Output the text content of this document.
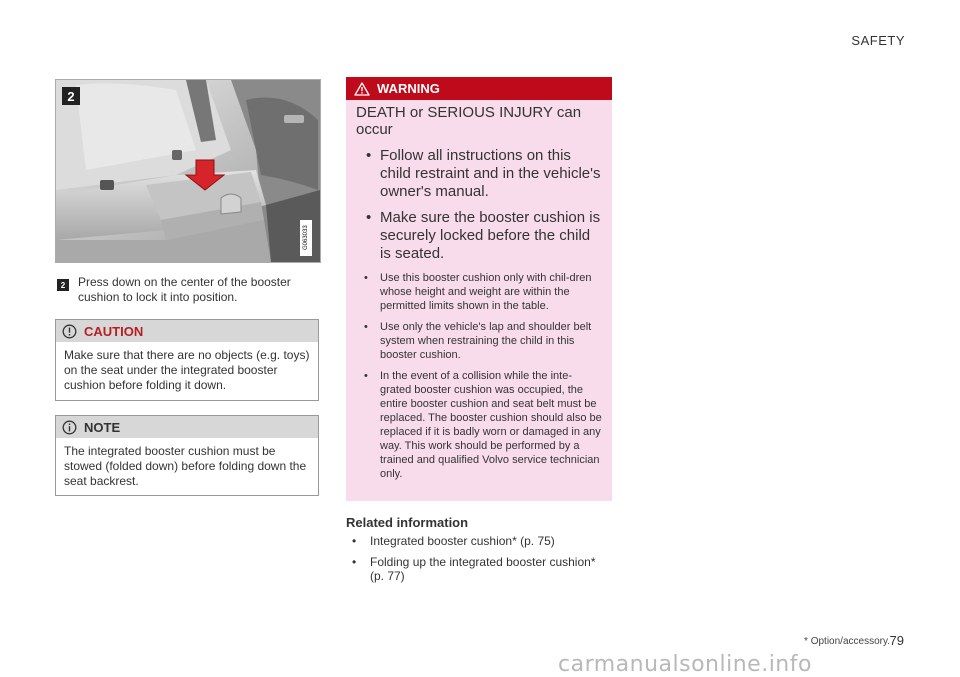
SAFETY
2
G063033
2	Press down on the center of the booster cushion to lock it into position.
CAUTION
Make sure that there are no objects (e.g. toys) on the seat under the integrated booster cushion before folding it down.
NOTE
The integrated booster cushion must be stowed (folded down) before folding down the seat backrest.
WARNING

DEATH or SERIOUS INJURY can occur

• Follow all instructions on this child restraint and in the vehicle's owner's manual.
• Make sure the booster cushion is securely locked before the child is seated.
• Use this booster cushion only with chil-dren whose height and weight are within the permitted limits shown in the table.
• Use only the vehicle's lap and shoulder belt system when restraining the child in this booster cushion.
• In the event of a collision while the inte-grated booster cushion was occupied, the entire booster cushion and seat belt must be replaced. The booster cushion should also be replaced if it is badly worn or damaged in any way. This work should be performed by a trained and qualified Volvo service technician only.
Related information
• Integrated booster cushion* (p. 75)
• Folding up the integrated booster cushion* (p. 77)
* Option/accessory. 79
carmanualsonline.info
